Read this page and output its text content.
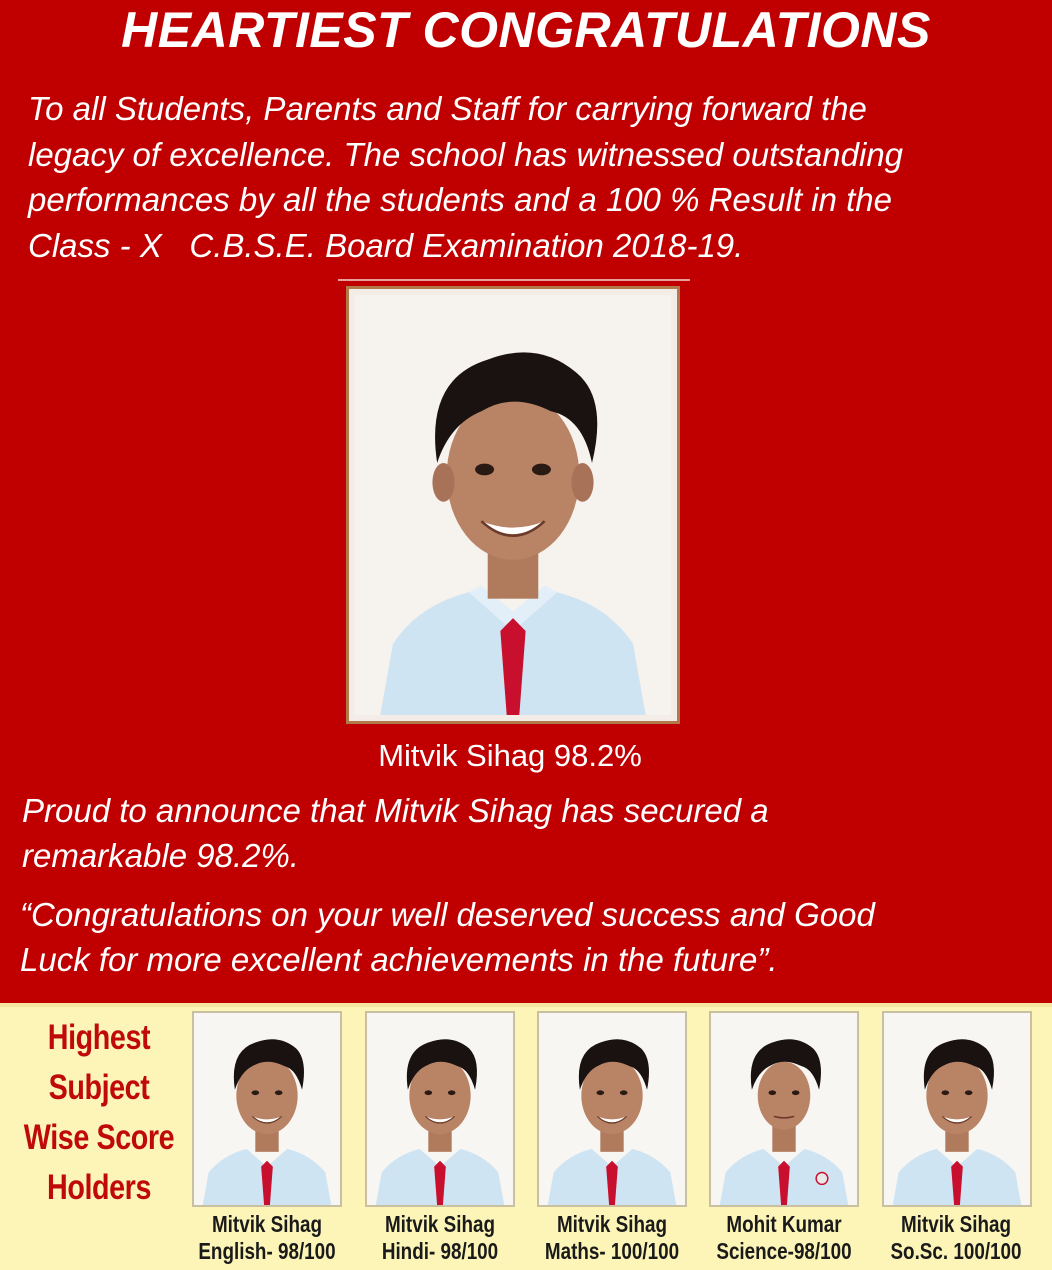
HEARTIEST CONGRATULATIONS

To all Students, Parents and Staff for carrying forward the
legacy of excellence. The school has witnessed outstanding
performances by all the students and a 100 % Result in the
Class - X   C.B.S.E. Board Examination 2018-19.

Mitvik Sihag 98.2%

Proud to announce that Mitvik Sihag has secured a
remarkable 98.2%.

“Congratulations on your well deserved success and Good
Luck for more excellent achievements in the future”.

Highest
Subject
Wise Score
Holders
Mitvik Sihag
English- 98/100
Mitvik Sihag
Hindi- 98/100
Mitvik Sihag
Maths- 100/100
Mohit Kumar
Science-98/100
Mitvik Sihag
So.Sc. 100/100
